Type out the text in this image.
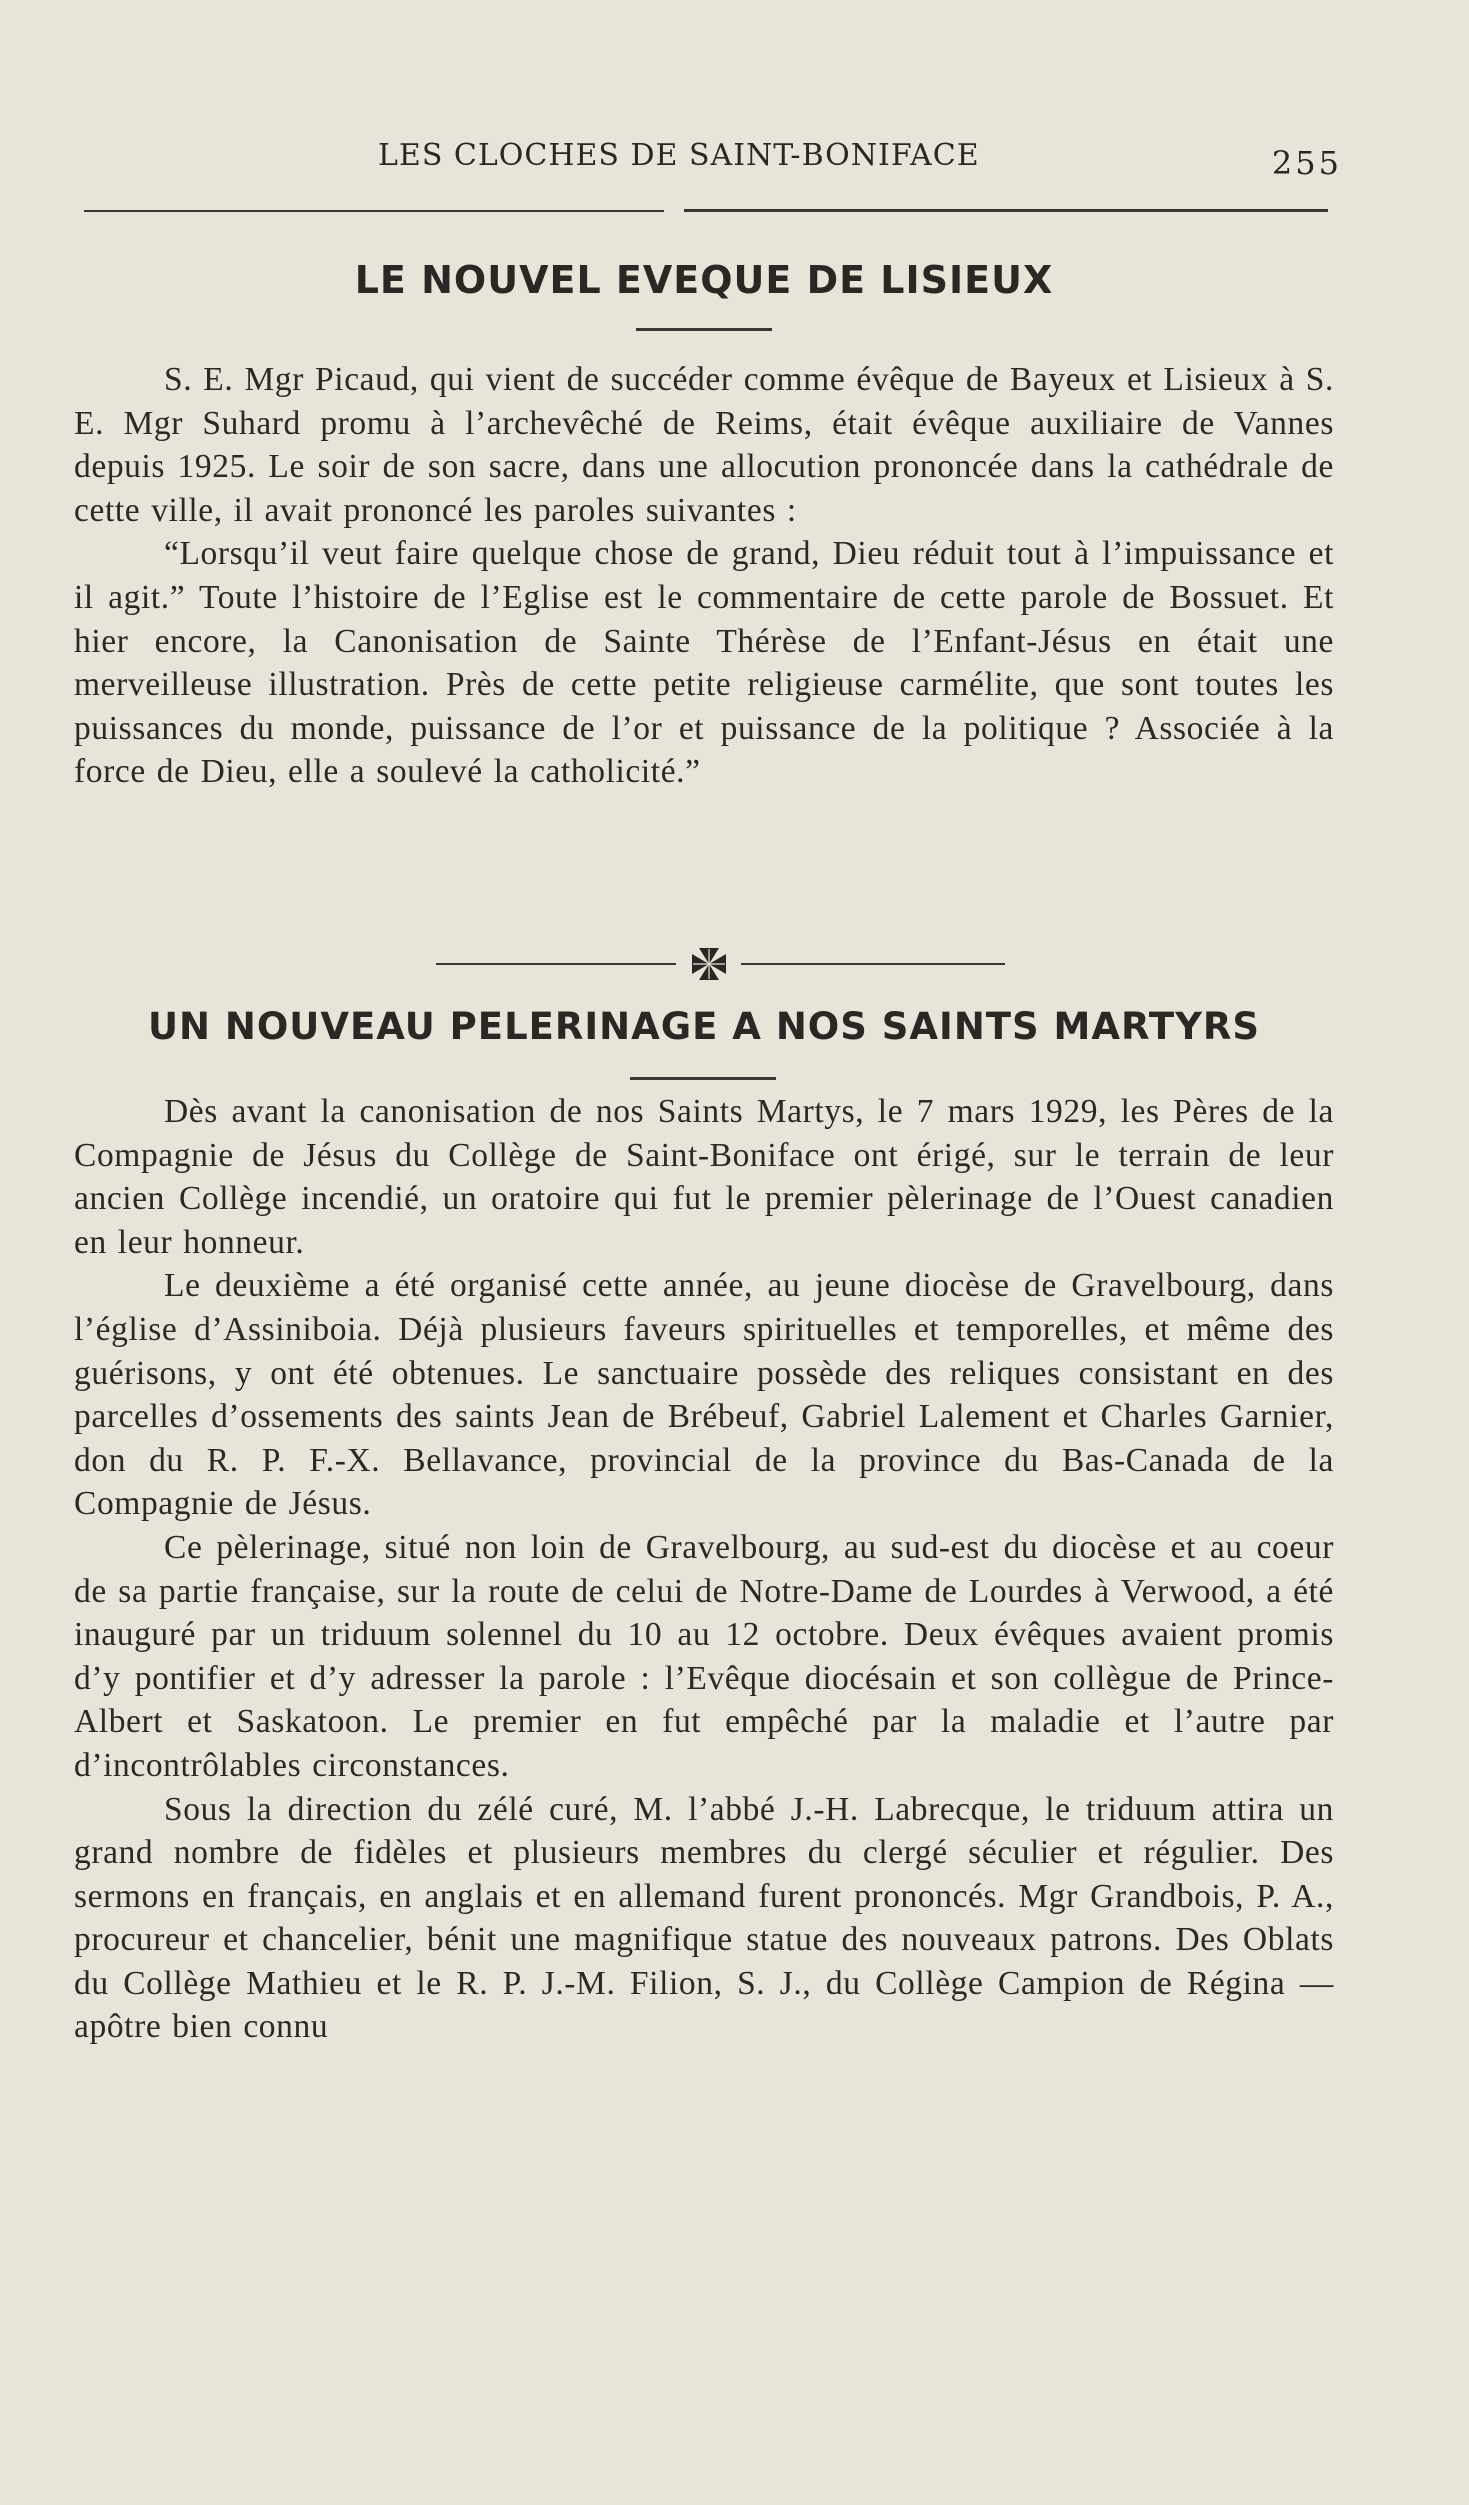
LES CLOCHES DE SAINT-BONIFACE	255
LE NOUVEL EVEQUE DE LISIEUX

S. E. Mgr Picaud, qui vient de succéder comme évêque de Bayeux et Lisieux à S. E. Mgr Suhard promu à l’archevêché de Reims, était évêque auxiliaire de Vannes depuis 1925. Le soir de son sacre, dans une allocution prononcée dans la cathédrale de cette ville, il avait prononcé les paroles suivantes :

“Lorsqu’il veut faire quelque chose de grand, Dieu réduit tout à l’impuissance et il agit.” Toute l’histoire de l’Eglise est le commentaire de cette parole de Bossuet. Et hier encore, la Canonisation de Sainte Thérèse de l’Enfant-Jésus en était une merveilleuse illustration. Près de cette petite religieuse carmélite, que sont toutes les puissances du monde, puissance de l’or et puissance de la politique ? Associée à la force de Dieu, elle a soulevé la catholicité.”

UN NOUVEAU PELERINAGE A NOS SAINTS MARTYRS

Dès avant la canonisation de nos Saints Martys, le 7 mars 1929, les Pères de la Compagnie de Jésus du Collège de Saint-Boniface ont érigé, sur le terrain de leur ancien Collège incendié, un oratoire qui fut le premier pèlerinage de l’Ouest canadien en leur honneur.

Le deuxième a été organisé cette année, au jeune diocèse de Gravelbourg, dans l’église d’Assiniboia. Déjà plusieurs faveurs spirituelles et temporelles, et même des guérisons, y ont été obtenues. Le sanctuaire possède des reliques consistant en des parcelles d’ossements des saints Jean de Brébeuf, Gabriel Lalement et Charles Garnier, don du R. P. F.-X. Bellavance, provincial de la province du Bas-Canada de la Compagnie de Jésus.

Ce pèlerinage, situé non loin de Gravelbourg, au sud-est du diocèse et au coeur de sa partie française, sur la route de celui de Notre-Dame de Lourdes à Verwood, a été inauguré par un triduum solennel du 10 au 12 octobre. Deux évêques avaient promis d’y pontifier et d’y adresser la parole : l’Evêque diocésain et son collègue de Prince-Albert et Saskatoon. Le premier en fut empêché par la maladie et l’autre par d’incontrôlables circonstances.

Sous la direction du zélé curé, M. l’abbé J.-H. Labrecque, le triduum attira un grand nombre de fidèles et plusieurs membres du clergé séculier et régulier. Des sermons en français, en anglais et en allemand furent prononcés. Mgr Grandbois, P. A., procureur et chancelier, bénit une magnifique statue des nouveaux patrons. Des Oblats du Collège Mathieu et le R. P. J.-M. Filion, S. J., du Collège Campion de Régina — apôtre bien connu
